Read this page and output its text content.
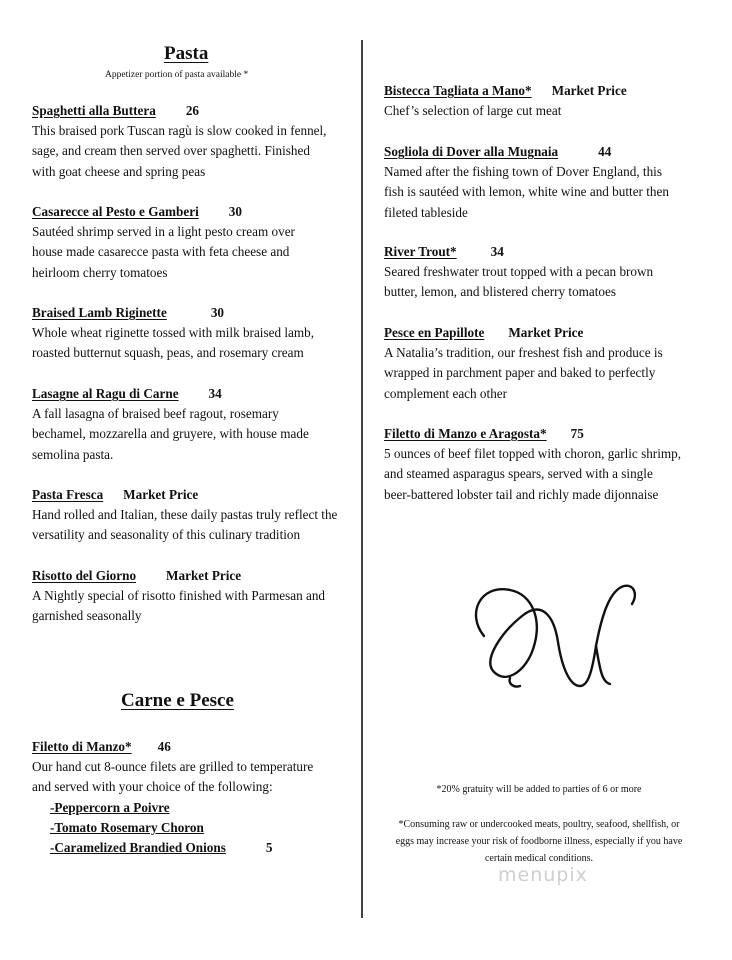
Pasta
Appetizer portion of pasta available *
Spaghetti alla Buttera 26
This braised pork Tuscan ragù is slow cooked in fennel, sage, and cream then served over spaghetti. Finished with goat cheese and spring peas
Casarecce al Pesto e Gamberi 30
Sautéed shrimp served in a light pesto cream over house made casarecce pasta with feta cheese and heirloom cherry tomatoes
Braised Lamb Riginette	30
Whole wheat riginette tossed with milk braised lamb, roasted butternut squash, peas, and rosemary cream
Lasagne al Ragu di Carne 34
A fall lasagna of braised beef ragout, rosemary bechamel, mozzarella and gruyere, with house made semolina pasta.
Pasta Fresca Market Price
Hand rolled and Italian, these daily pastas truly reflect the versatility and seasonality of this culinary tradition
Risotto del Giorno Market Price
A Nightly special of risotto finished with Parmesan and garnished seasonally
Carne e Pesce
Filetto di Manzo* 46
Our hand cut 8-ounce filets are grilled to temperature and served with your choice of the following:
-Peppercorn a Poivre
-Tomato Rosemary Choron
-Caramelized Brandied Onions	5
Bistecca Tagliata a Mano* Market Price
Chef’s selection of large cut meat
Sogliola di Dover alla Mugnaia	44
Named after the fishing town of Dover England, this fish is sautéed with lemon, white wine and butter then fileted tableside
River Trout*	34
Seared freshwater trout topped with a pecan brown butter, lemon, and blistered cherry tomatoes
Pesce en Papillote Market Price
A Natalia’s tradition, our freshest fish and produce is wrapped in parchment paper and baked to perfectly complement each other
Filetto di Manzo e Aragosta* 75
5 ounces of beef filet topped with choron, garlic shrimp, and steamed asparagus spears, served with a single beer-battered lobster tail and richly made dijonnaise
*20% gratuity will be added to parties of 6 or more
*Consuming raw or undercooked meats, poultry, seafood, shellfish, or eggs may increase your risk of foodborne illness, especially if you have certain medical conditions.
menupix
